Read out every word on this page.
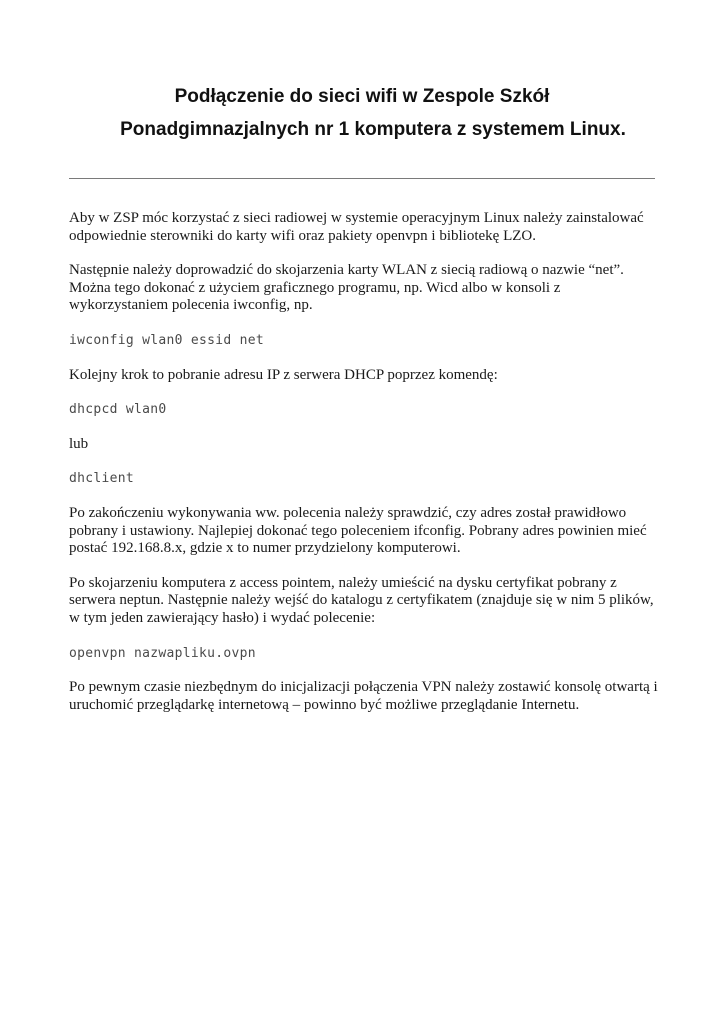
Podłączenie do sieci wifi w Zespole Szkół
Ponadgimnazjalnych nr 1 komputera z systemem Linux.

Aby w ZSP móc korzystać z sieci radiowej w systemie operacyjnym Linux należy zainstalować odpowiednie sterowniki do karty wifi oraz pakiety openvpn i bibliotekę LZO.

Następnie należy doprowadzić do skojarzenia karty WLAN z siecią radiową o nazwie “net”. Można tego dokonać z użyciem graficznego programu, np. Wicd albo w konsoli z wykorzystaniem polecenia iwconfig, np.

iwconfig wlan0 essid net

Kolejny krok to pobranie adresu IP z serwera DHCP poprzez komendę:

dhcpcd wlan0

lub

dhclient

Po zakończeniu wykonywania ww. polecenia należy sprawdzić, czy adres został prawidłowo pobrany i ustawiony. Najlepiej dokonać tego poleceniem ifconfig. Pobrany adres powinien mieć postać 192.168.8.x, gdzie x to numer przydzielony komputerowi.

Po skojarzeniu komputera z access pointem, należy umieścić na dysku certyfikat pobrany z serwera neptun. Następnie należy wejść do katalogu z certyfikatem (znajduje się w nim 5 plików, w tym jeden zawierający hasło) i wydać polecenie:

openvpn nazwapliku.ovpn

Po pewnym czasie niezbędnym do inicjalizacji połączenia VPN należy zostawić konsolę otwartą i uruchomić przeglądarkę internetową – powinno być możliwe przeglądanie Internetu.
